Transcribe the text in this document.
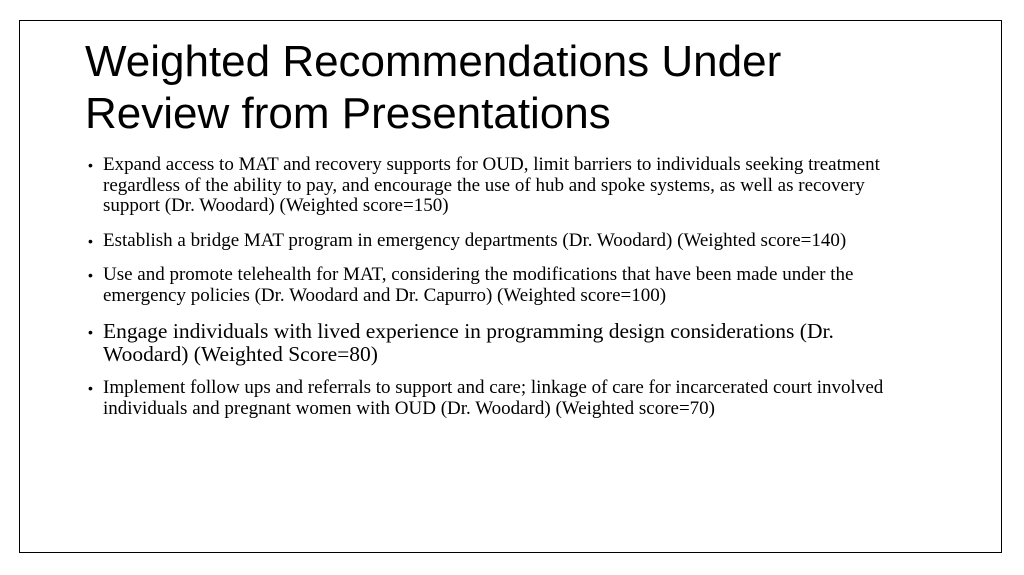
Weighted Recommendations Under Review from Presentations
• Expand access to MAT and recovery supports for OUD, limit barriers to individuals seeking treatment regardless of the ability to pay, and encourage the use of hub and spoke systems, as well as recovery support (Dr. Woodard) (Weighted score=150)
• Establish a bridge MAT program in emergency departments (Dr. Woodard) (Weighted score=140)
• Use and promote telehealth for MAT, considering the modifications that have been made under the emergency policies (Dr. Woodard and Dr. Capurro) (Weighted score=100)
• Engage individuals with lived experience in programming design considerations (Dr. Woodard) (Weighted Score=80)
• Implement follow ups and referrals to support and care; linkage of care for incarcerated court involved individuals and pregnant women with OUD (Dr. Woodard) (Weighted score=70)
